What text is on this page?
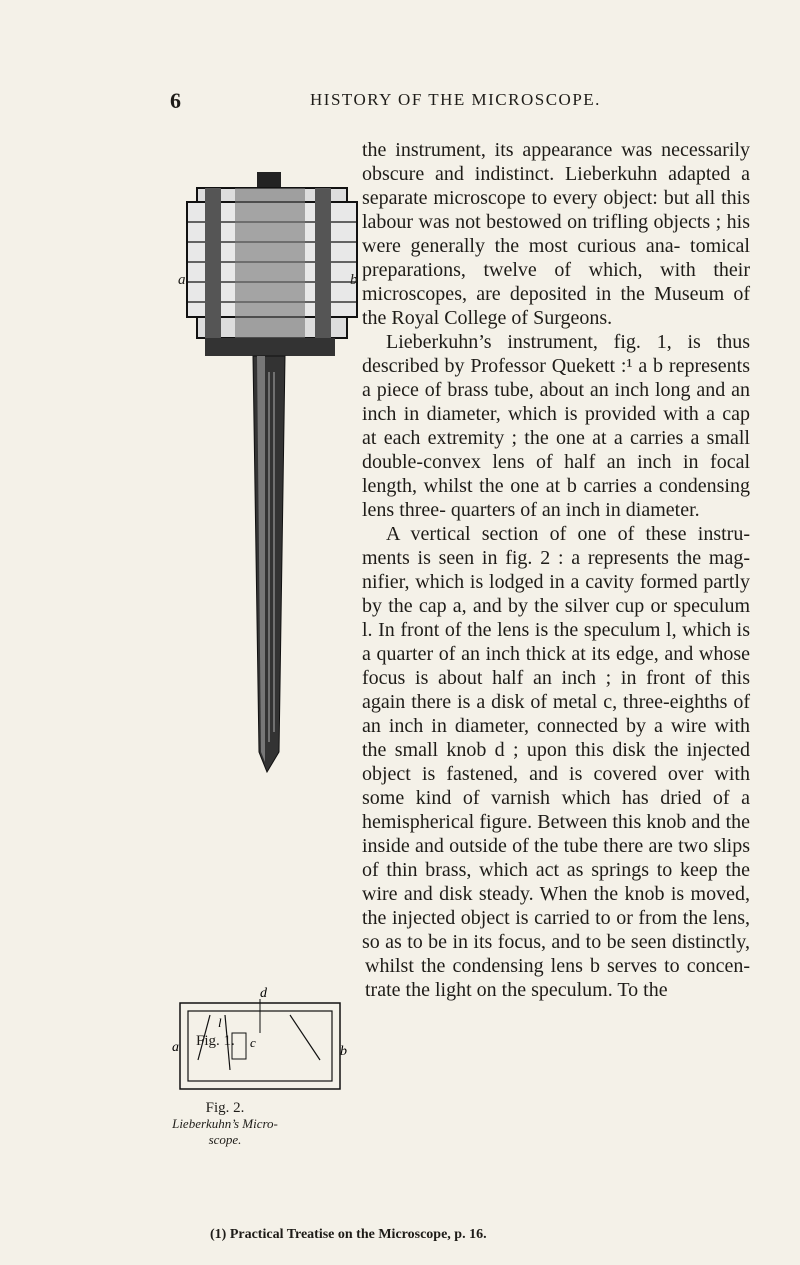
6	HISTORY OF THE MICROSCOPE.
a	b
Fig. 1.
d
a	b
c
l

the instrument, its appearance was necessarily obscure and indistinct. Lieberkuhn adapted a separate microscope to every object: but all this labour was not bestowed on trifling objects ; his were generally the most curious ana- tomical preparations, twelve of which, with their microscopes, are deposited in the Museum of the Royal College of Surgeons.

Lieberkuhn’s instrument, fig. 1, is thus described by Professor Quekett :¹ a b represents a piece of brass tube, about an inch long and an inch in diameter, which is provided with a cap at each extremity ; the one at a carries a small double-convex lens of half an inch in focal length, whilst the one at b carries a condensing lens three- quarters of an inch in diameter.

A vertical section of one of these instru- ments is seen in fig. 2 : a represents the mag- nifier, which is lodged in a cavity formed partly by the cap a, and by the silver cup or speculum l. In front of the lens is the speculum l, which is a quarter of an inch thick at its edge, and whose focus is about half an inch ; in front of this again there is a disk of metal c, three-eighths of an inch in diameter, connected by a wire with the small knob d ; upon this disk the injected object is fastened, and is covered over with some kind of varnish which has dried of a hemispherical figure. Between this knob and the inside and outside of the tube there are two slips of thin brass, which act as springs to keep the wire and disk steady. When the knob is moved, the injected object is carried to or from the lens, so as to be in its focus, and to be seen distinctly, whilst the condensing lens b serves to concen- trate the light on the speculum. To the

Fig. 2.
Lieberkuhn’s Micro-
scope.
(1) Practical Treatise on the Microscope, p. 16.
